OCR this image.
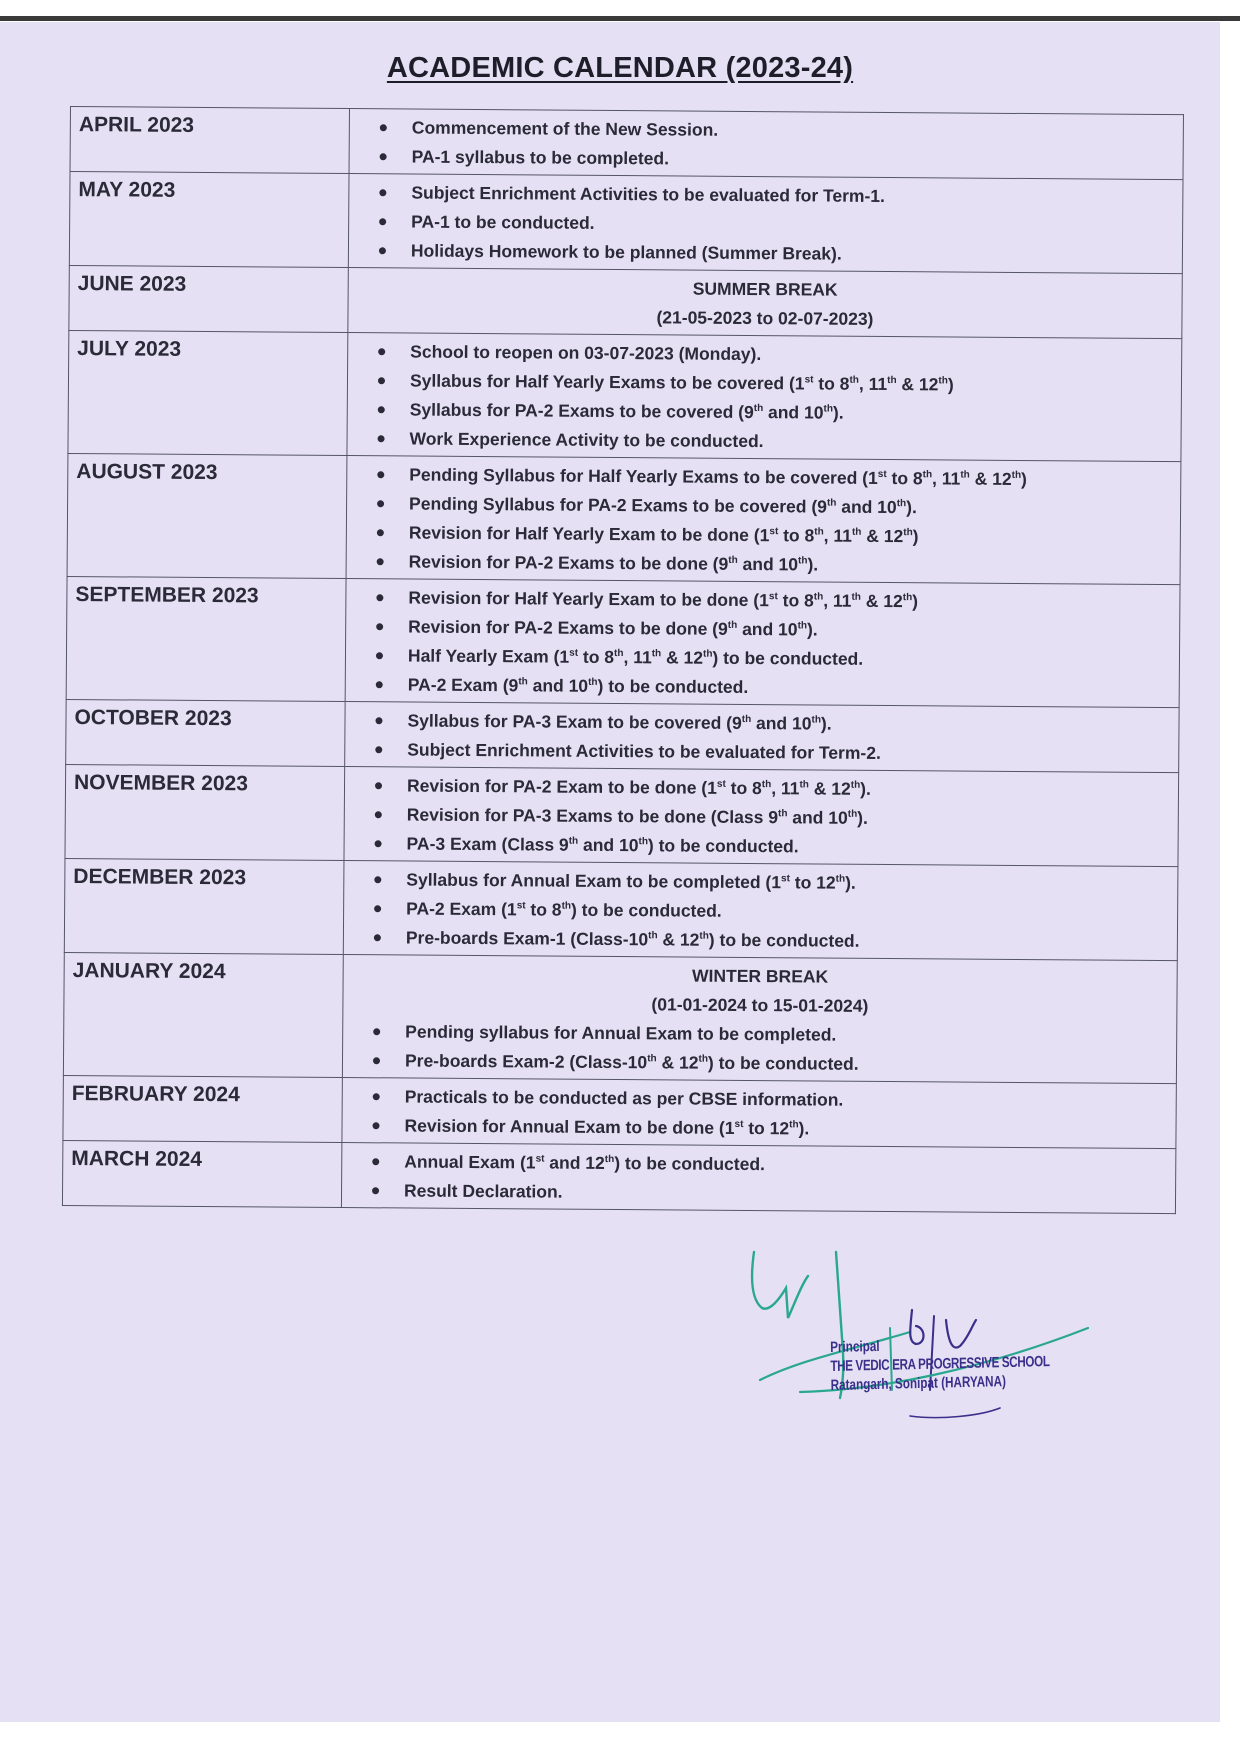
ACADEMIC CALENDAR (2023-24)
APRIL 2023	Commencement of the New Session.
PA-1 syllabus to be completed.

MAY 2023	Subject Enrichment Activities to be evaluated for Term-1.
PA-1 to be conducted.
Holidays Homework to be planned (Summer Break).

JUNE 2023	SUMMER BREAK
(21-05-2023 to 02-07-2023)

JULY 2023	School to reopen on 03-07-2023 (Monday).
Syllabus for Half Yearly Exams to be covered (1st to 8th, 11th & 12th)
Syllabus for PA-2 Exams to be covered (9th and 10th).
Work Experience Activity to be conducted.

AUGUST 2023	Pending Syllabus for Half Yearly Exams to be covered (1st to 8th, 11th & 12th)
Pending Syllabus for PA-2 Exams to be covered (9th and 10th).
Revision for Half Yearly Exam to be done (1st to 8th, 11th & 12th)
Revision for PA-2 Exams to be done (9th and 10th).

SEPTEMBER 2023	Revision for Half Yearly Exam to be done (1st to 8th, 11th & 12th)
Revision for PA-2 Exams to be done (9th and 10th).
Half Yearly Exam (1st to 8th, 11th & 12th) to be conducted.
PA-2 Exam (9th and 10th) to be conducted.

OCTOBER 2023	Syllabus for PA-3 Exam to be covered (9th and 10th).
Subject Enrichment Activities to be evaluated for Term-2.

NOVEMBER 2023	Revision for PA-2 Exam to be done (1st to 8th, 11th & 12th).
Revision for PA-3 Exams to be done (Class 9th and 10th).
PA-3 Exam (Class 9th and 10th) to be conducted.

DECEMBER 2023	Syllabus for Annual Exam to be completed (1st to 12th).
PA-2 Exam (1st to 8th) to be conducted.
Pre-boards Exam-1 (Class-10th & 12th) to be conducted.

JANUARY 2024	WINTER BREAK
(01-01-2024 to 15-01-2024)
Pending syllabus for Annual Exam to be completed.
Pre-boards Exam-2 (Class-10th & 12th) to be conducted.

FEBRUARY 2024	Practicals to be conducted as per CBSE information.
Revision for Annual Exam to be done (1st to 12th).

MARCH 2024	Annual Exam (1st and 12th) to be conducted.
Result Declaration.
Principal
THE VEDIC ERA PROGRESSIVE SCHOOL
Ratangarh, Sonipat (HARYANA)
